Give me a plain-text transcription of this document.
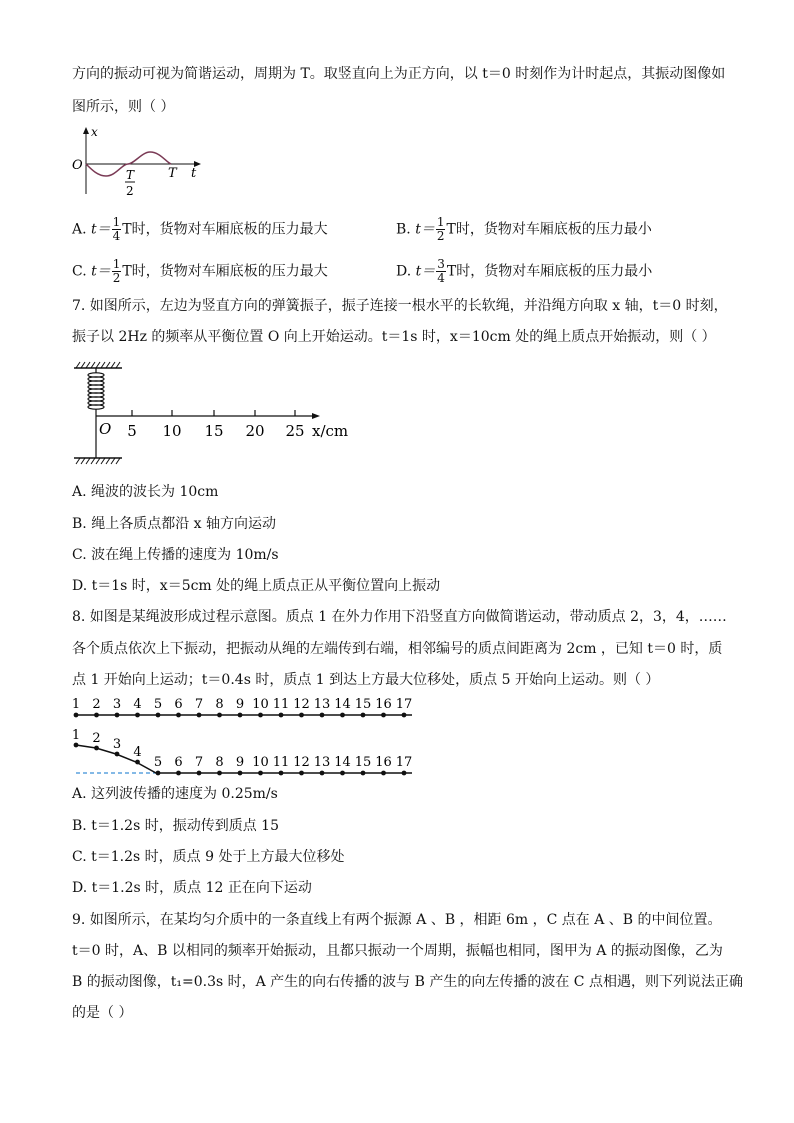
方向的振动可视为简谐运动，周期为 T。取竖直向上为正方向，以 t＝0 时刻作为计时起点，其振动图像如
图所示，则（ ）
x
O
T
2
T t
A. $t= \frac{1}{4}$ T时，货物对车厢底板的压力最大	B. $t= \frac{1}{2}$ T时，货物对车厢底板的压力最小
C. $t= \frac{1}{2}$ T时，货物对车厢底板的压力最大	D. $t= \frac{3}{4}$ T时，货物对车厢底板的压力最小
7. 如图所示，左边为竖直方向的弹簧振子，振子连接一根水平的长软绳，并沿绳方向取 x 轴，t＝0 时刻，
振子以 2Hz 的频率从平衡位置 O 向上开始运动。t＝1s 时，x＝10cm 处的绳上质点开始振动，则（ ）
O 5 10 15 20 25 x/cm
A. 绳波的波长为 10cm
B. 绳上各质点都沿 x 轴方向运动
C. 波在绳上传播的速度为 10m/s
D. t＝1s 时，x＝5cm 处的绳上质点正从平衡位置向上振动
8. 如图是某绳波形成过程示意图。质点 1 在外力作用下沿竖直方向做简谐运动，带动质点 2，3，4，……
各个质点依次上下振动，把振动从绳的左端传到右端，相邻编号的质点间距离为 2cm ，已知 t＝0 时，质
点 1 开始向上运动；t＝0.4s 时，质点 1 到达上方最大位移处，质点 5 开始向上运动。则（ ）
1 2 3 4 5 6 7 8 9 10 11 12 13 14 15 16 17
1 2 3
4
5 6 7 8 9 10 11 12 13 14 15 16 17
A. 这列波传播的速度为 0.25m/s
B. t＝1.2s 时，振动传到质点 15
C. t＝1.2s 时，质点 9 处于上方最大位移处
D. t＝1.2s 时，质点 12 正在向下运动
9. 如图所示，在某均匀介质中的一条直线上有两个振源 A 、B ，相距 6m ，C 点在 A 、B 的中间位置。
t＝0 时，A、B 以相同的频率开始振动，且都只振动一个周期，振幅也相同，图甲为 A 的振动图像，乙为
B 的振动图像，t₁=0.3s 时，A 产生的向右传播的波与 B 产生的向左传播的波在 C 点相遇，则下列说法正确
的是（ ）
